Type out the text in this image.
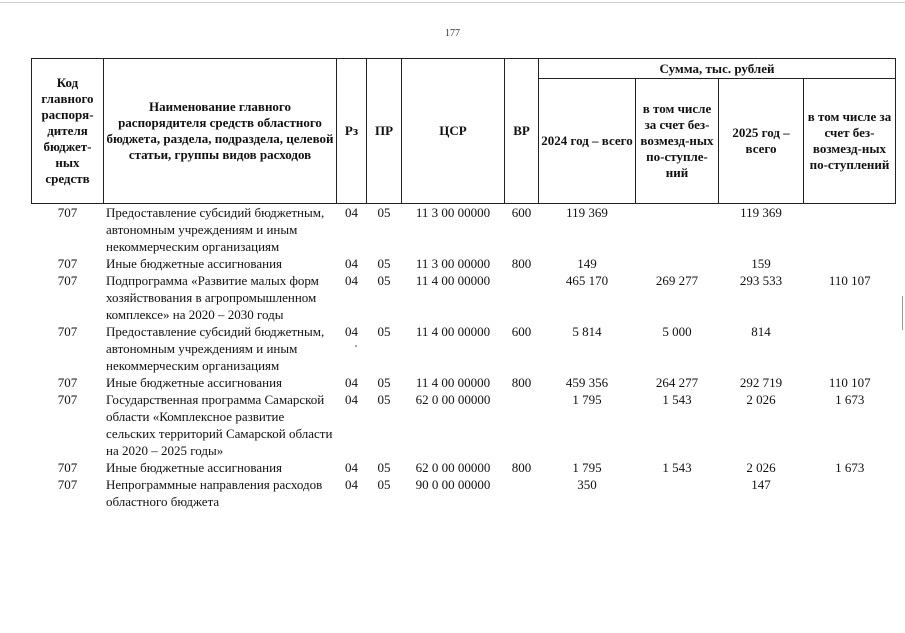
177
Код главного распоря-дителя бюджет-ных средств	Наименование главного распорядителя средств областного бюджета, раздела, подраздела, целевой статьи, группы видов расходов	Рз	ПР	ЦСР	ВР	Сумма, тыс. рублей			
						2024 год – всего	в том числе за счет без-возмезд-ных по-ступле-ний	2025 год – всего	в том числе за счет без-возмезд-ных по-ступлений
707	Предоставление субсидий бюджетным, автономным учреждениям и иным некоммерческим организациям	04	05	11 3 00 00000	600	119 369		119 369	
707	Иные бюджетные ассигнования	04	05	11 3 00 00000	800	149		159	
707	Подпрограмма «Развитие малых форм хозяйствования в агропромышленном комплексе» на 2020 – 2030 годы	04	05	11 4 00 00000		465 170	269 277	293 533	110 107
707	Предоставление субсидий бюджетным, автономным учреждениям и иным некоммерческим организациям	04	05	11 4 00 00000	600	5 814	5 000	814	
707	Иные бюджетные ассигнования	04	05	11 4 00 00000	800	459 356	264 277	292 719	110 107
707	Государственная программа Самарской области «Комплексное развитие сельских территорий Самарской области на 2020 – 2025 годы»	04	05	62 0 00 00000		1 795	1 543	2 026	1 673
707	Иные бюджетные ассигнования	04	05	62 0 00 00000	800	1 795	1 543	2 026	1 673
707	Непрограммные направления расходов областного бюджета	04	05	90 0 00 00000		350		147	
